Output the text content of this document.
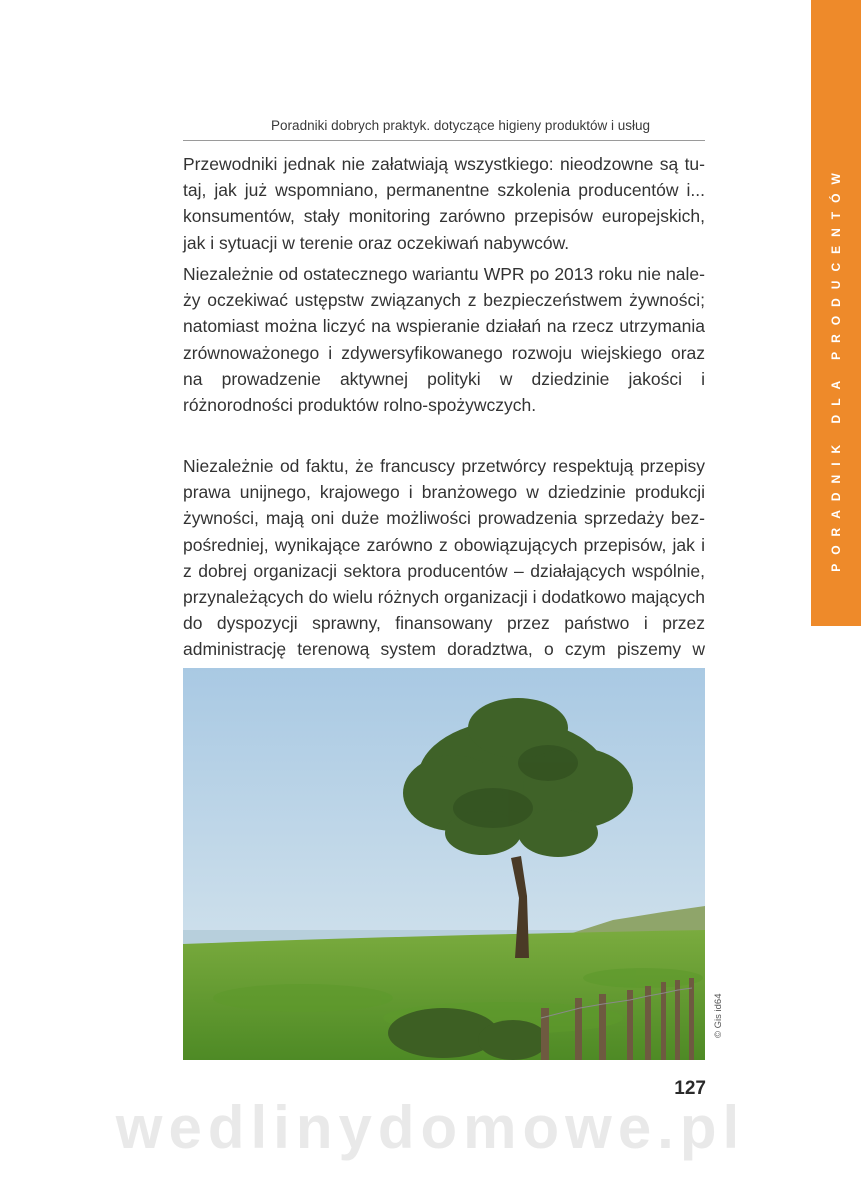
PORADNIK DLA PRODUCENTÓW
Poradniki dobrych praktyk. dotyczące higieny produktów i usług

Przewodniki jednak nie załatwiają wszystkiego: nieodzowne są tutaj, jak już wspomniano, permanentne szkolenia producentów i... konsumentów, stały monitoring zarówno przepisów europejskich, jak i sytuacji w terenie oraz oczekiwań nabywców.

Niezależnie od ostatecznego wariantu WPR po 2013 roku nie należy oczekiwać ustępstw związanych z bezpieczeństwem żywności; natomiast można liczyć na wspieranie działań na rzecz utrzymania zrównoważonego i zdywersyfikowanego rozwoju wiejskiego oraz na prowadzenie aktywnej polityki w dziedzinie jakości i różnorodności produktów rolno-spożywczych.

Niezależnie od faktu, że francuscy przetwórcy respektują przepisy prawa unijnego, krajowego i branżowego w dziedzinie produkcji żywności, mają oni duże możliwości prowadzenia sprzedaży bezpośredniej, wynikające zarówno z obowiązujących przepisów, jak i z dobrej organizacji sektora producentów – działających wspólnie, przynależących do wielu różnych organizacji i dodatkowo mających do dyspozycji sprawny, finansowany przez państwo i przez administrację terenową system doradztwa, o czym piszemy w

© Gis id64
127
wedlinydomowe.pl
